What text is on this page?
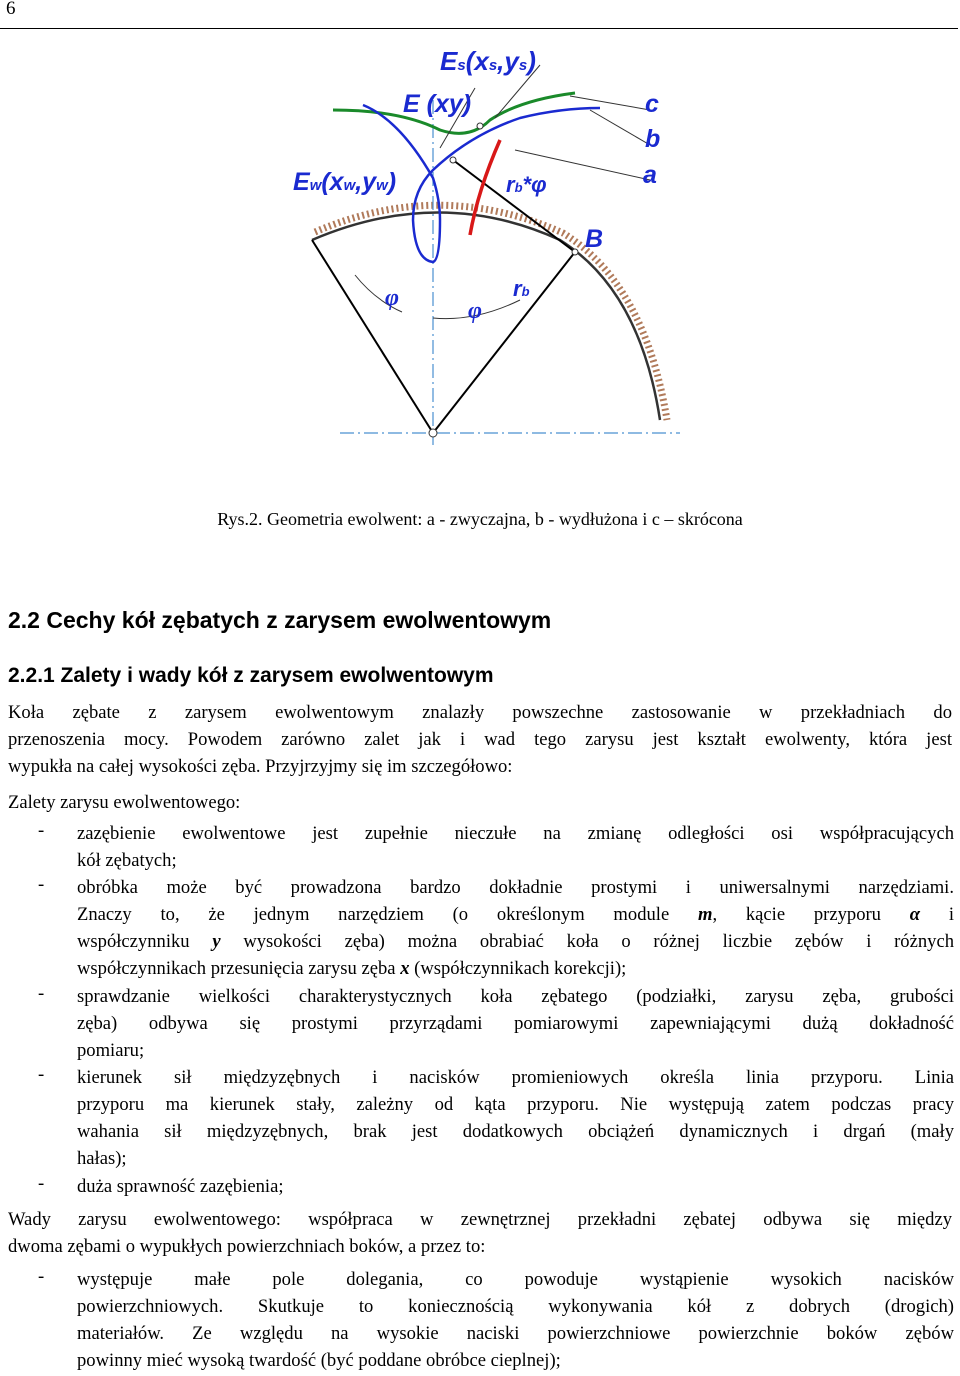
6
Es(xs,ys)
E (xy)
Ew(xw,yw)
c
b
a
rb*φ
B
φ	φ
rb
Rys.2. Geometria ewolwent: a - zwyczajna, b - wydłużona i c – skrócona
2.2 Cechy kół zębatych z zarysem ewolwentowym
2.2.1 Zalety i wady kół z zarysem ewolwentowym
Koła zębate z zarysem ewolwentowym znalazły powszechne zastosowanie w przekładniach do
przenoszenia mocy. Powodem zarówno zalet jak i wad tego zarysu jest kształt ewolwenty, która jest
wypukła na całej wysokości zęba. Przyjrzyjmy się im szczegółowo:
Zalety zarysu ewolwentowego:
- zazębienie ewolwentowe jest zupełnie nieczułe na zmianę odległości osi współpracujących
kół zębatych;
- obróbka może być prowadzona bardzo dokładnie prostymi i uniwersalnymi narzędziami.
Znaczy to, że jednym narzędziem (o określonym module m, kącie przyporu α i
współczynniku y wysokości zęba) można obrabiać koła o różnej liczbie zębów i różnych
współczynnikach przesunięcia zarysu zęba x (współczynnikach korekcji);
- sprawdzanie wielkości charakterystycznych koła zębatego (podziałki, zarysu zęba, grubości
zęba) odbywa się prostymi przyrządami pomiarowymi zapewniającymi dużą dokładność
pomiaru;
- kierunek sił międzyzębnych i nacisków promieniowych określa linia przyporu. Linia
przyporu ma kierunek stały, zależny od kąta przyporu. Nie występują zatem podczas pracy
wahania sił międzyzębnych, brak jest dodatkowych obciążeń dynamicznych i drgań (mały
hałas);
- duża sprawność zazębienia;
Wady zarysu ewolwentowego: współpraca w zewnętrznej przekładni zębatej odbywa się między
dwoma zębami o wypukłych powierzchniach boków, a przez to:
- występuje małe pole dolegania, co powoduje wystąpienie wysokich nacisków
powierzchniowych. Skutkuje to koniecznością wykonywania kół z dobrych (drogich)
materiałów. Ze względu na wysokie naciski powierzchniowe powierzchnie boków zębów
powinny mieć wysoką twardość (być poddane obróbce cieplnej);
